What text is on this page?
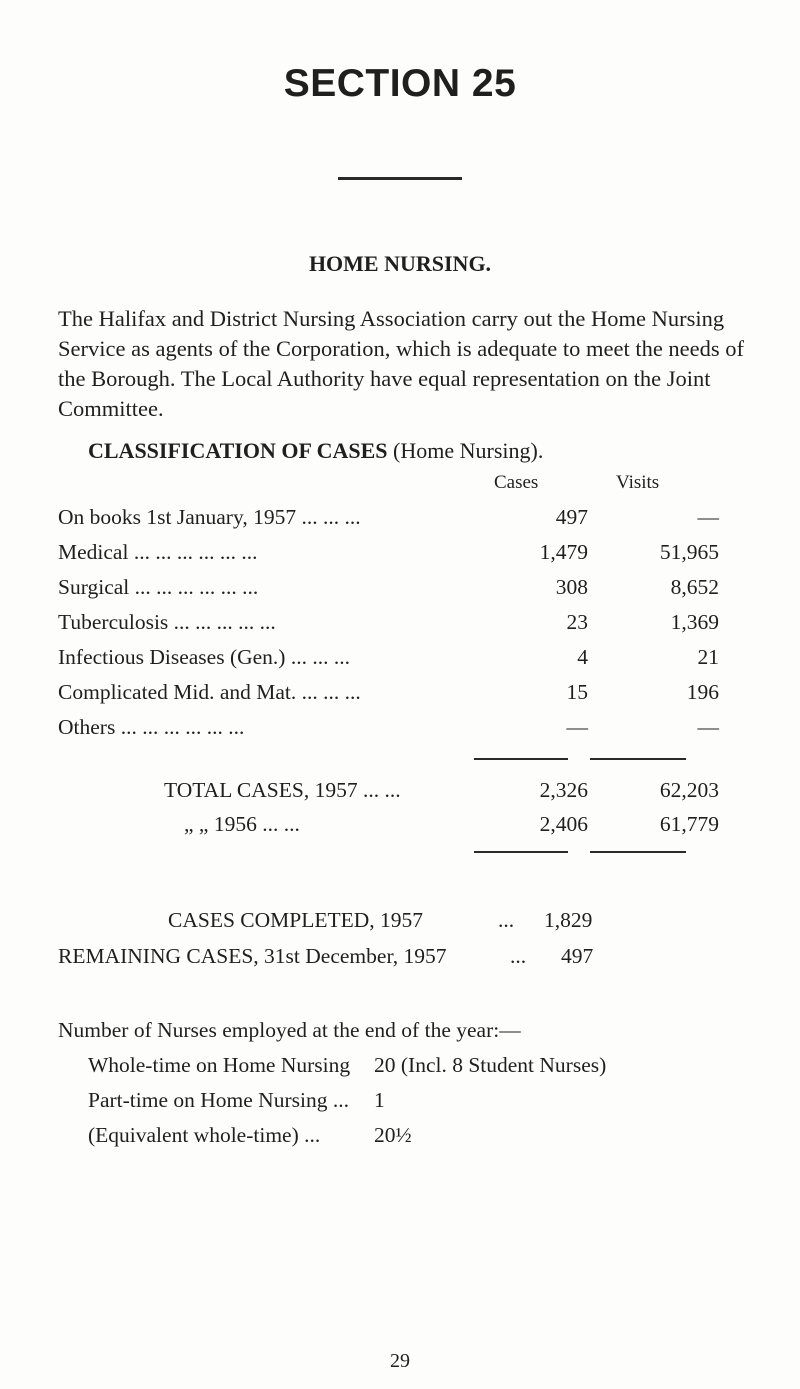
SECTION 25
HOME NURSING.

The Halifax and District Nursing Association carry out the Home Nursing Service as agents of the Corporation, which is adequate to meet the needs of the Borough. The Local Authority have equal representation on the Joint Committee.

CLASSIFICATION OF CASES (Home Nursing).
Cases	Visits
On books 1st January, 1957 ... ... ...	497	—
Medical ... ... ... ... ... ...	1,479	51,965
Surgical ... ... ... ... ... ...	308	8,652
Tuberculosis ... ... ... ... ...	23	1,369
Infectious Diseases (Gen.) ... ... ...	4	21
Complicated Mid. and Mat. ... ... ...	15	196
Others ... ... ... ... ... ...	—	—
TOTAL CASES, 1957 ... ...	2,326	62,203
„ „ 1956 ... ...	2,406	61,779
CASES COMPLETED, 1957	... 1,829
REMAINING CASES, 31st December, 1957	... 497
Number of Nurses employed at the end of the year:—
Whole-time on Home Nursing 20 (Incl. 8 Student Nurses)
Part-time on Home Nursing ... 1
(Equivalent whole-time) ...	20½
29
